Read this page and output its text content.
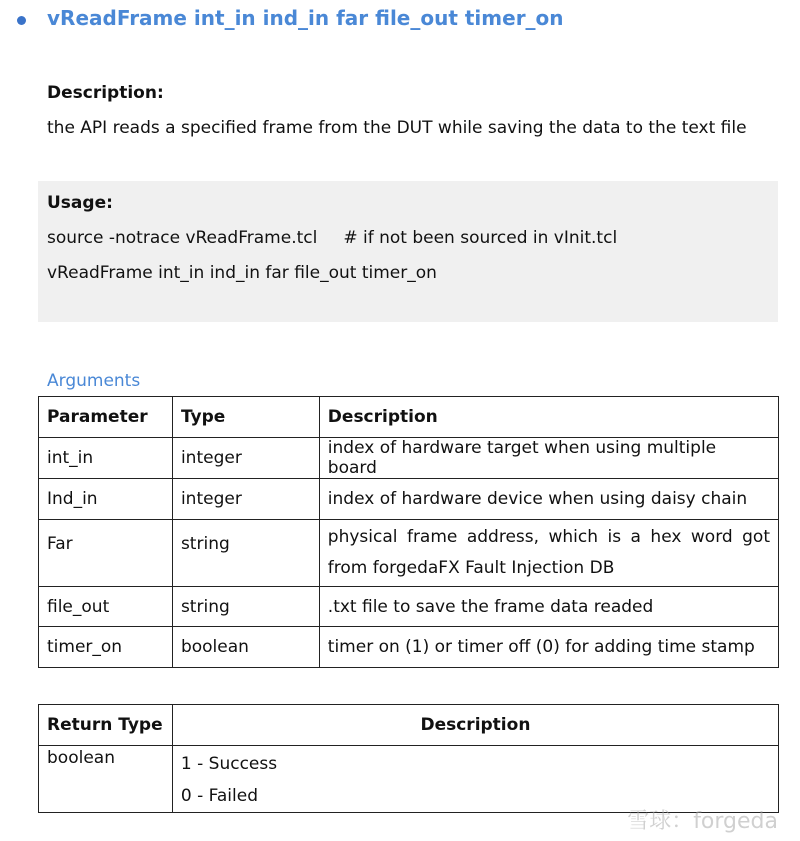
vReadFrame int_in ind_in far file_out timer_on
Description:
the API reads a specified frame from the DUT while saving the data to the text file
Usage:
source -notrace vReadFrame.tcl # if not been sourced in vInit.tcl
vReadFrame int_in ind_in far file_out timer_on
Arguments
Parameter	Type	Description
int_in	integer	index of hardware target when using multiple board
Ind_in	integer	index of hardware device when using daisy chain
Far	string	physical frame address, which is a hex word got from forgedaFX Fault Injection DB
file_out	string	.txt file to save the frame data readed
timer_on	boolean	timer on (1) or timer off (0) for adding time stamp
Return Type	Description
boolean	1 - Success
0 - Failed
雪球：forgeda
